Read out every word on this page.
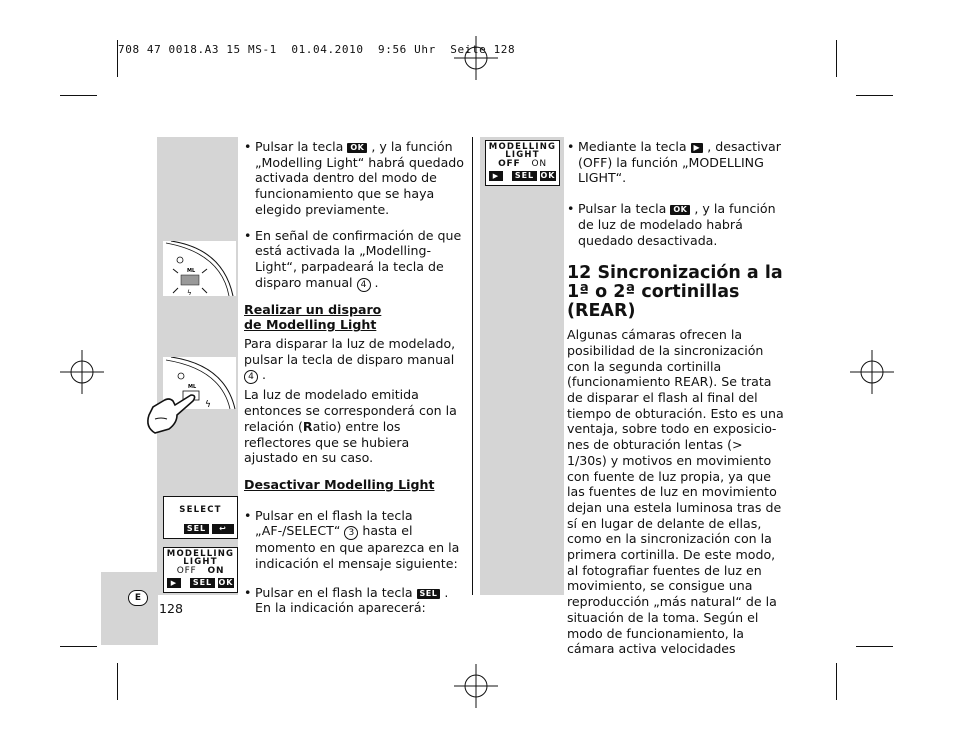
708 47 0018.A3 15 MS-1  01.04.2010  9:56 Uhr  Seite 128
E
128
ML
ϟ
ML
ϟ
SELECT
SEL	↩
MODELLING
LIGHT
OFF ON
▶	SEL OK
MODELLING
LIGHT
OFF ON
▶	SEL OK

• Pulsar la tecla OK , y la función „Modelling Light“ habrá quedado activada dentro del modo de funcionamiento que se haya elegido previamente.

• En señal de confirmación de que está activada la „Modelling-Light“, parpadeará la tecla de disparo manual 4 .

Realizar un disparo de Modelling Light

Para disparar la luz de modelado, pulsar la tecla de disparo manual 4 .

La luz de modelado emitida entonces se corresponderá con la relación (Ratio) entre los reflectores que se hubiera ajustado en su caso.

Desactivar Modelling Light

• Pulsar en el flash la tecla „AF-/SELECT“ 3 hasta el momento en que aparezca en la indicación el mensaje siguiente:

• Pulsar en el flash la tecla SEL . En la indicación aparecerá:

• Mediante la tecla ▶ , desactivar (OFF) la función „MODELLING LIGHT“.

• Pulsar la tecla OK , y la función de luz de modelado habrá quedado desactivada.

12 Sincronización a la 1ª o 2ª cortinillas (REAR)

Algunas cámaras ofrecen la posibilidad de la sincronización con la segunda cortinilla (funcionamiento REAR). Se trata de disparar el flash al final del tiempo de obturación. Esto es una ventaja, sobre todo en exposiciones de obturación lentas (> 1/30s) y motivos en movimiento con fuente de luz propia, ya que las fuentes de luz en movimiento dejan una estela luminosa tras de sí en lugar de delante de ellas, como en la sincronización con la primera cortinilla. De este modo, al fotografiar fuentes de luz en movimiento, se consigue una reproducción „más natural“ de la situación de la toma. Según el modo de funcionamiento, la cámara activa velocidades
